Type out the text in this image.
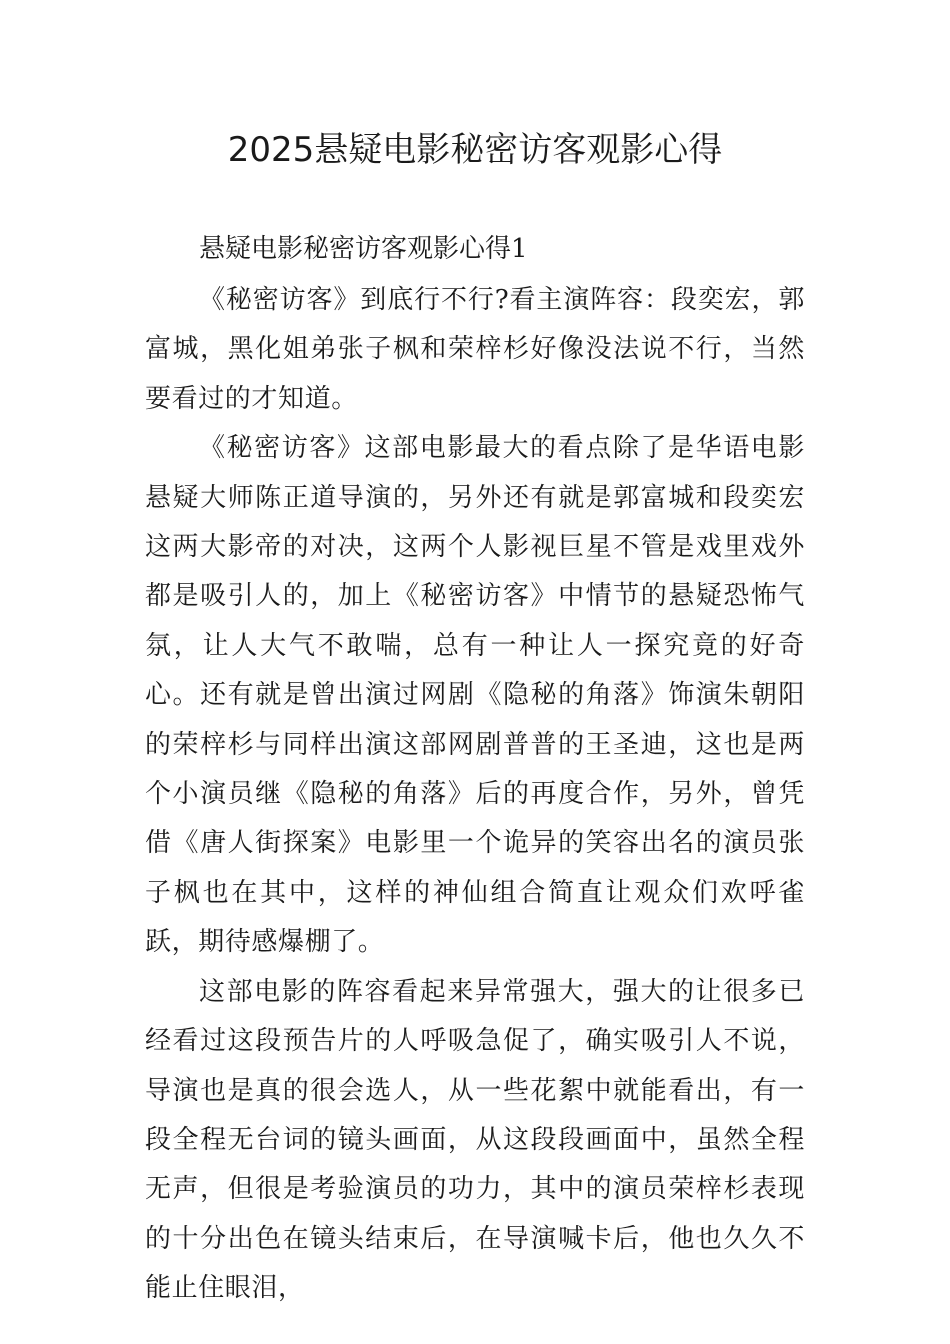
2025悬疑电影秘密访客观影心得

悬疑电影秘密访客观影心得1

《秘密访客》到底行不行?看主演阵容：段奕宏，郭富城，黑化姐弟张子枫和荣梓杉好像没法说不行，当然要看过的才知道。

《秘密访客》这部电影最大的看点除了是华语电影悬疑大师陈正道导演的，另外还有就是郭富城和段奕宏这两大影帝的对决，这两个人影视巨星不管是戏里戏外都是吸引人的，加上《秘密访客》中情节的悬疑恐怖气氛，让人大气不敢喘，总有一种让人一探究竟的好奇心。还有就是曾出演过网剧《隐秘的角落》饰演朱朝阳的荣梓杉与同样出演这部网剧普普的王圣迪，这也是两个小演员继《隐秘的角落》后的再度合作，另外，曾凭借《唐人街探案》电影里一个诡异的笑容出名的演员张子枫也在其中，这样的神仙组合简直让观众们欢呼雀跃，期待感爆棚了。

这部电影的阵容看起来异常强大，强大的让很多已经看过这段预告片的人呼吸急促了，确实吸引人不说，导演也是真的很会选人，从一些花絮中就能看出，有一段全程无台词的镜头画面，从这段段画面中，虽然全程无声，但很是考验演员的功力，其中的演员荣梓杉表现的十分出色在镜头结束后，在导演喊卡后，他也久久不能止住眼泪，
